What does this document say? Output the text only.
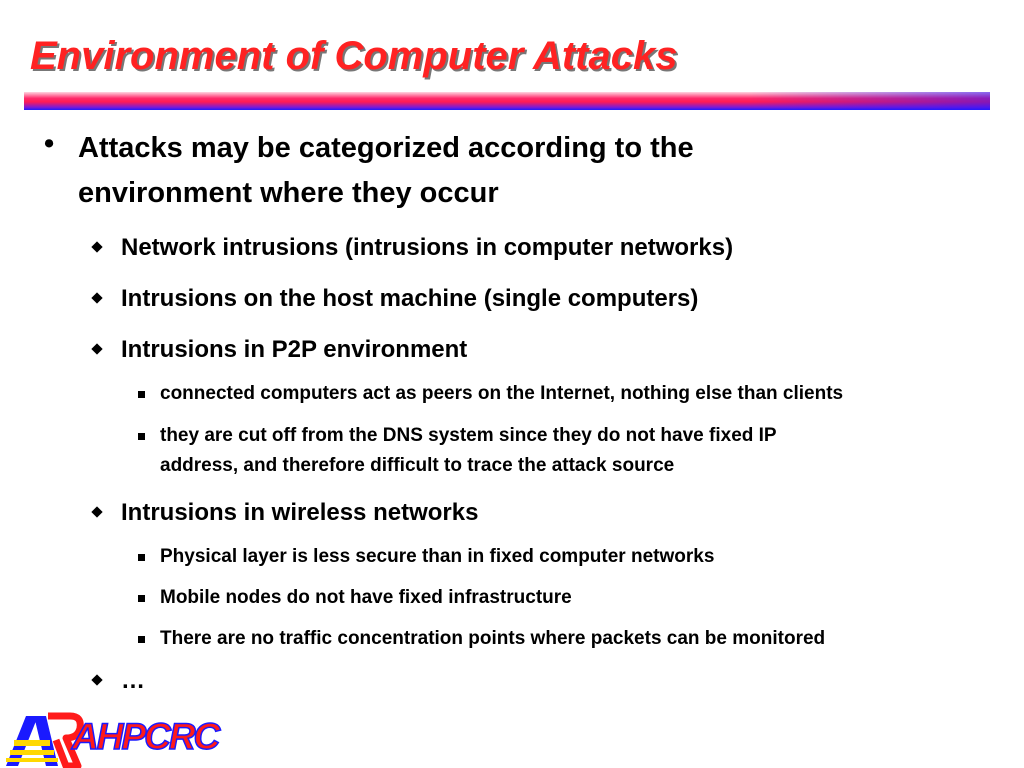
Environment of Computer Attacks
• Attacks may be categorized according to the
environment where they occur
Network intrusions (intrusions in computer networks)
Intrusions on the host machine (single computers)
Intrusions in P2P environment
connected computers act as peers on the Internet, nothing else than clients
they are cut off from the DNS system since they do not have fixed IP
address, and therefore difficult to trace the attack source
Intrusions in wireless networks
Physical layer is less secure than in fixed computer networks
Mobile nodes do not have fixed infrastructure
There are no traffic concentration points where packets can be monitored
…
AHPCRC
